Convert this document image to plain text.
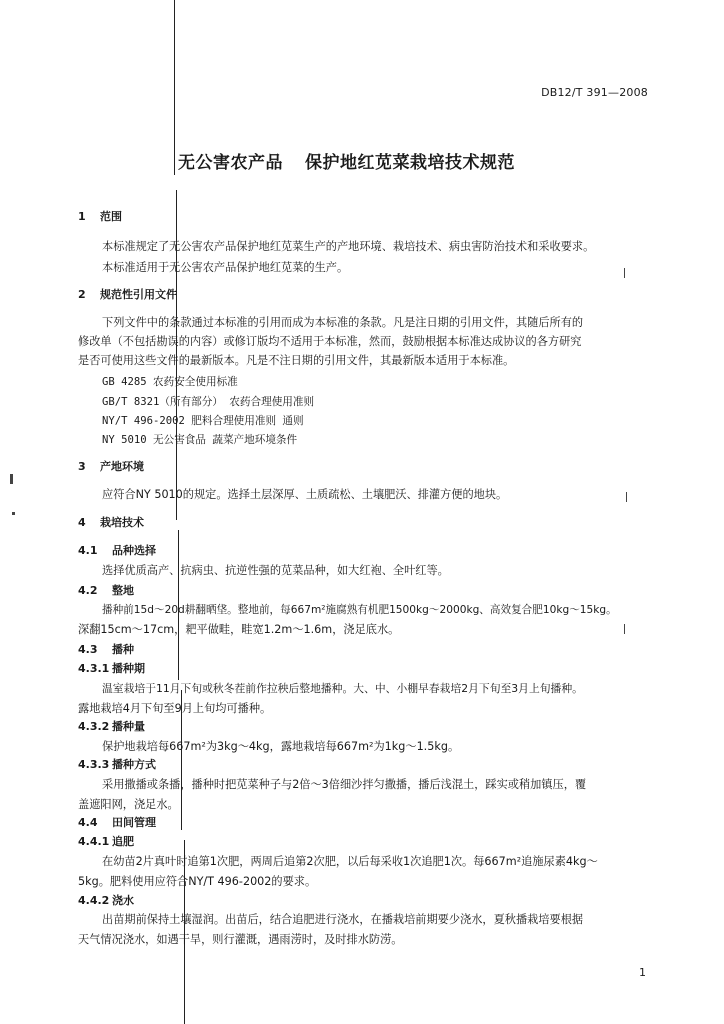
DB12/T 391—2008
无公害农产品 保护地红苋菜栽培技术规范
1 范围
本标准规定了无公害农产品保护地红苋菜生产的产地环境、栽培技术、病虫害防治技术和采收要求。
本标准适用于无公害农产品保护地红苋菜的生产。
2 规范性引用文件
下列文件中的条款通过本标准的引用而成为本标准的条款。凡是注日期的引用文件，其随后所有的
修改单（不包括勘误的内容）或修订版均不适用于本标准，然而，鼓励根据本标准达成协议的各方研究
是否可使用这些文件的最新版本。凡是不注日期的引用文件，其最新版本适用于本标准。
GB 4285 农药安全使用标准
GB/T 8321（所有部分） 农药合理使用准则
NY/T 496-2002 肥料合理使用准则 通则
NY 5010 无公害食品 蔬菜产地环境条件
3 产地环境
应符合NY 5010的规定。选择土层深厚、土质疏松、土壤肥沃、排灌方便的地块。
4 栽培技术
4.1 品种选择
选择优质高产、抗病虫、抗逆性强的苋菜品种，如大红袍、全叶红等。
4.2 整地
播种前15d～20d耕翻晒垡。整地前，每667m²施腐熟有机肥1500kg～2000kg、高效复合肥10kg～15kg。
深翻15cm～17cm，耙平做畦，畦宽1.2m～1.6m，浇足底水。
4.3 播种
4.3.1 播种期
温室栽培于11月下旬或秋冬茬前作拉秧后整地播种。大、中、小棚早春栽培2月下旬至3月上旬播种。
露地栽培4月下旬至9月上旬均可播种。
4.3.2 播种量
保护地栽培每667m²为3kg～4kg，露地栽培每667m²为1kg～1.5kg。
4.3.3 播种方式
采用撒播或条播，播种时把苋菜种子与2倍～3倍细沙拌匀撒播，播后浅混土，踩实或稍加镇压，覆
盖遮阳网，浇足水。
4.4 田间管理
4.4.1 追肥
在幼苗2片真叶时追第1次肥，两周后追第2次肥，以后每采收1次追肥1次。每667m²追施尿素4kg～
5kg。肥料使用应符合NY/T 496-2002的要求。
4.4.2 浇水
出苗期前保持土壤湿润。出苗后，结合追肥进行浇水，在播栽培前期要少浇水，夏秋播栽培要根据
天气情况浇水，如遇干旱，则行灌溉，遇雨涝时，及时排水防涝。
1
